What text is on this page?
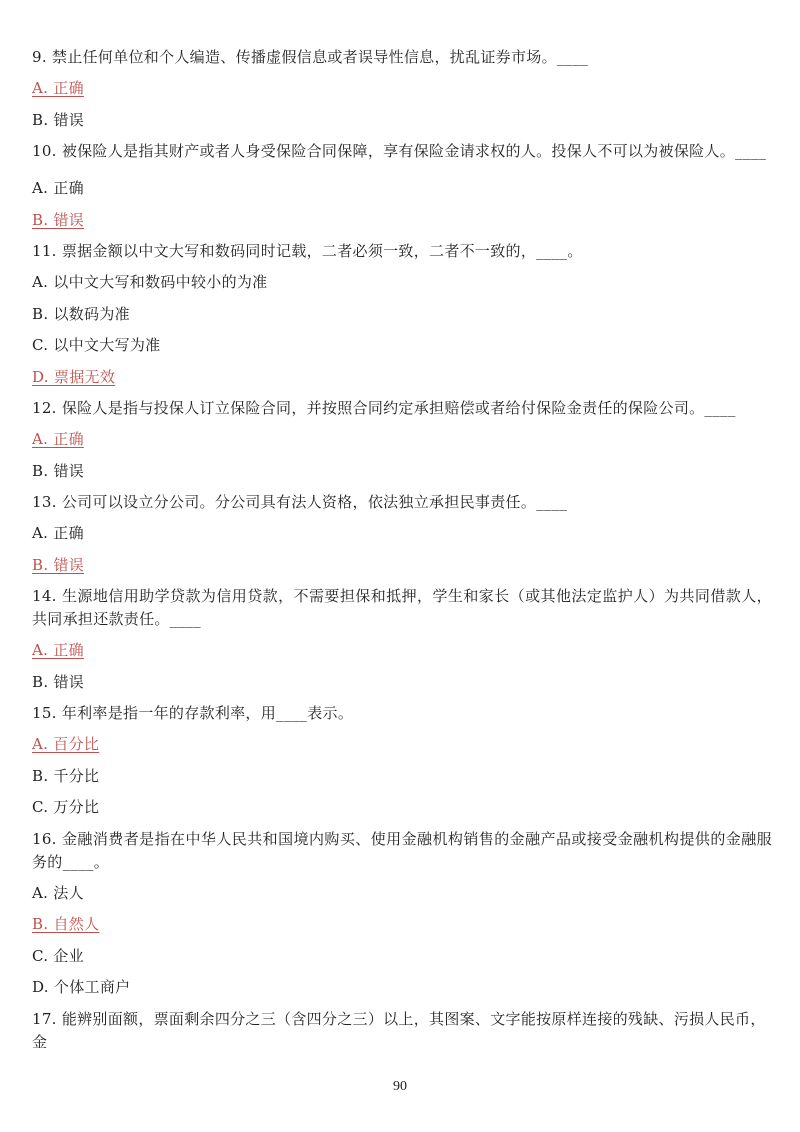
9. 禁止任何单位和个人编造、传播虚假信息或者误导性信息，扰乱证券市场。____
A. 正确
B. 错误
10. 被保险人是指其财产或者人身受保险合同保障，享有保险金请求权的人。投保人不可以为被保险人。____
A. 正确
B. 错误
11. 票据金额以中文大写和数码同时记载，二者必须一致，二者不一致的，____。
A. 以中文大写和数码中较小的为准
B. 以数码为准
C. 以中文大写为准
D. 票据无效
12. 保险人是指与投保人订立保险合同，并按照合同约定承担赔偿或者给付保险金责任的保险公司。____
A. 正确
B. 错误
13. 公司可以设立分公司。分公司具有法人资格，依法独立承担民事责任。____
A. 正确
B. 错误
14. 生源地信用助学贷款为信用贷款，不需要担保和抵押，学生和家长（或其他法定监护人）为共同借款人，共同承担还款责任。____
A. 正确
B. 错误
15. 年利率是指一年的存款利率，用____表示。
A. 百分比
B. 千分比
C. 万分比
16. 金融消费者是指在中华人民共和国境内购买、使用金融机构销售的金融产品或接受金融机构提供的金融服务的____。
A. 法人
B. 自然人
C. 企业
D. 个体工商户
17. 能辨别面额，票面剩余四分之三（含四分之三）以上，其图案、文字能按原样连接的残缺、污损人民币，金
90
